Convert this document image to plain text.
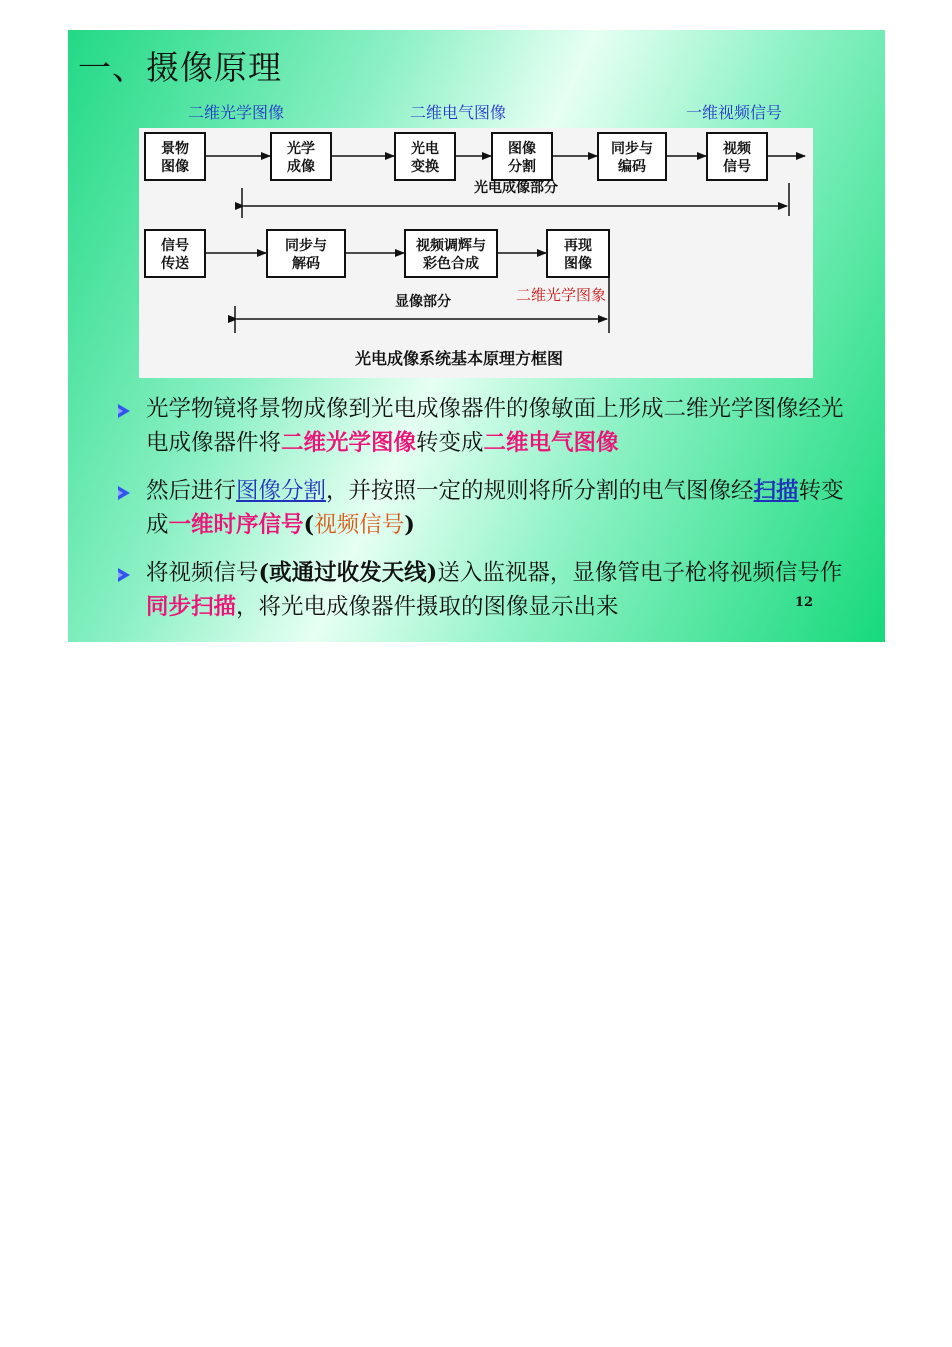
一、摄像原理
二维光学图像	二维电气图像	一维视频信号
景物
图像
光学
成像
光电
变换
图像
分割
同步与
编码
视频
信号
光电成像部分
信号
传送
同步与
解码
视频调辉与
彩色合成
再现
图像
二维光学图象
显像部分
光电成像系统基本原理方框图
光学物镜将景物成像到光电成像器件的像敏面上形成二维光学图像经光电成像器件将二维光学图像转变成二维电气图像
然后进行图像分割，并按照一定的规则将所分割的电气图像经扫描转变成一维时序信号(视频信号)
将视频信号(或通过收发天线)送入监视器，显像管电子枪将视频信号作同步扫描，将光电成像器件摄取的图像显示出来	12
